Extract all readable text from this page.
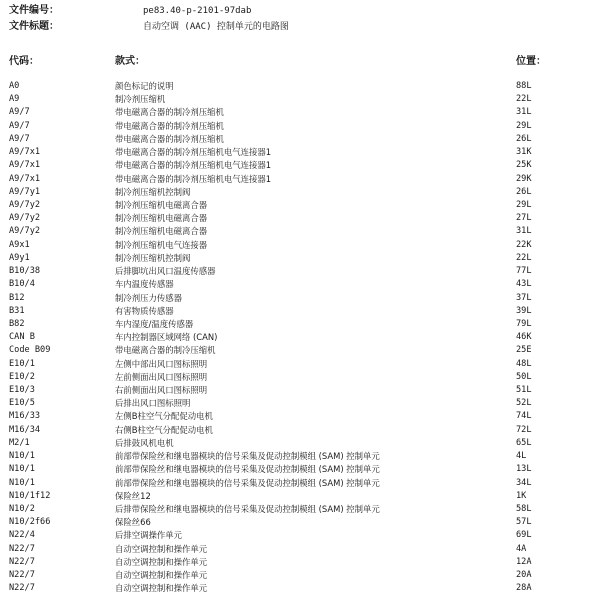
文件编号：	pe83.40-p-2101-97dab
文件标题：	自动空调 (AAC) 控制单元的电路图
代码：	款式：	位置：
A0	颜色标记的说明	88L
A9	制冷剂压缩机	22L
A9/7	带电磁离合器的制冷剂压缩机	31L
A9/7	带电磁离合器的制冷剂压缩机	29L
A9/7	带电磁离合器的制冷剂压缩机	26L
A9/7x1	带电磁离合器的制冷剂压缩机电气连接器1	31K
A9/7x1	带电磁离合器的制冷剂压缩机电气连接器1	25K
A9/7x1	带电磁离合器的制冷剂压缩机电气连接器1	29K
A9/7y1	制冷剂压缩机控制阀	26L
A9/7y2	制冷剂压缩机电磁离合器	29L
A9/7y2	制冷剂压缩机电磁离合器	27L
A9/7y2	制冷剂压缩机电磁离合器	31L
A9x1	制冷剂压缩机电气连接器	22K
A9y1	制冷剂压缩机控制阀	22L
B10/38	后排脚坑出风口温度传感器	77L
B10/4	车内温度传感器	43L
B12	制冷剂压力传感器	37L
B31	有害物质传感器	39L
B82	车内湿度/温度传感器	79L
CAN B	车内控制器区域网络 (CAN)	46K
Code B09	带电磁离合器的制冷压缩机	25E
E10/1	左侧中部出风口图标照明	48L
E10/2	左前侧面出风口图标照明	50L
E10/3	右前侧面出风口图标照明	51L
E10/5	后排出风口图标照明	52L
M16/33	左侧B柱空气分配促动电机	74L
M16/34	右侧B柱空气分配促动电机	72L
M2/1	后排鼓风机电机	65L
N10/1	前部带保险丝和继电器模块的信号采集及促动控制模组 (SAM) 控制单元	4L
N10/1	前部带保险丝和继电器模块的信号采集及促动控制模组 (SAM) 控制单元	13L
N10/1	前部带保险丝和继电器模块的信号采集及促动控制模组 (SAM) 控制单元	34L
N10/1f12	保险丝12	1K
N10/2	后排带保险丝和继电器模块的信号采集及促动控制模组 (SAM) 控制单元	58L
N10/2f66	保险丝66	57L
N22/4	后排空调操作单元	69L
N22/7	自动空调控制和操作单元	4A
N22/7	自动空调控制和操作单元	12A
N22/7	自动空调控制和操作单元	20A
N22/7	自动空调控制和操作单元	28A
